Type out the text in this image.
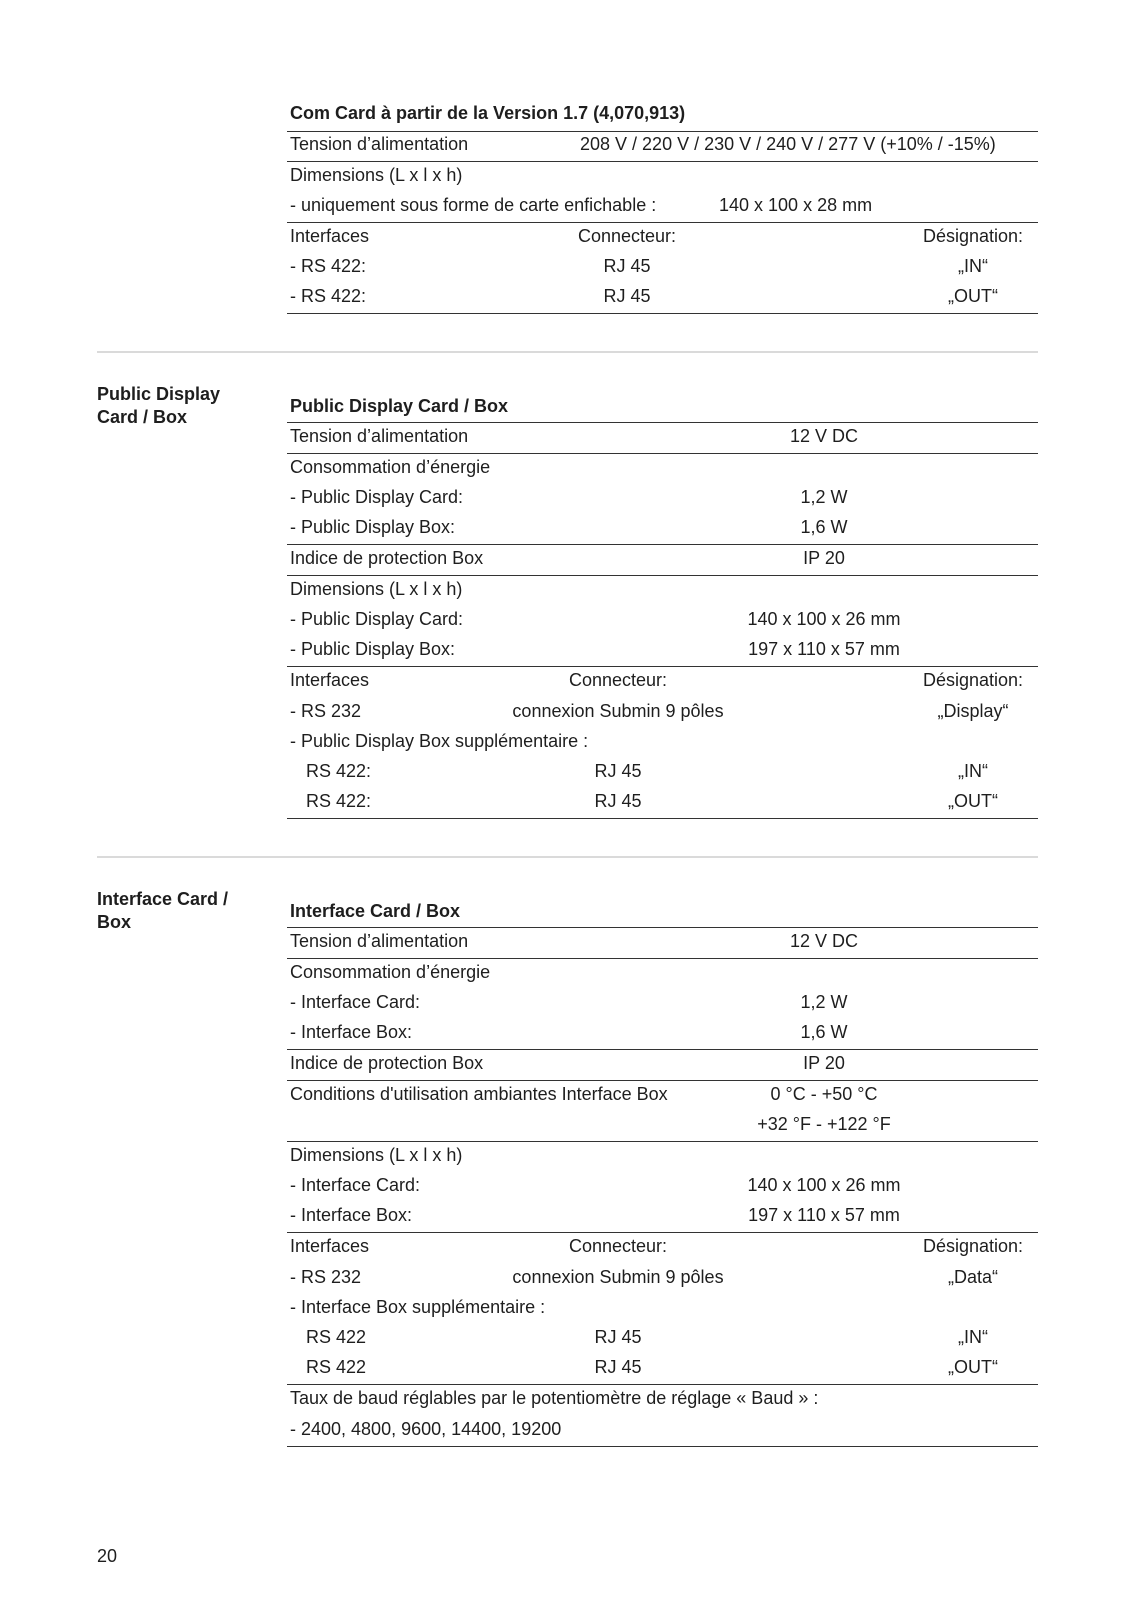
Com Card à partir de la Version 1.7 (4,070,913)
Tension d’alimentation	208 V / 220 V / 230 V / 240 V / 277 V (+10% / -15%)
Dimensions (L x l x h)
- uniquement sous forme de carte enfichable :	140 x 100 x 28 mm
Interfaces	Connecteur:	Désignation:
- RS 422:	RJ 45	„IN“
- RS 422:	RJ 45	„OUT“
Public Display
Card / Box
Public Display Card / Box
Tension d’alimentation	12 V DC
Consommation d’énergie
- Public Display Card:	1,2 W
- Public Display Box:	1,6 W
Indice de protection Box	IP 20
Dimensions (L x l x h)
- Public Display Card:	140 x 100 x 26 mm
- Public Display Box:	197 x 110 x 57 mm
Interfaces	Connecteur:	Désignation:
- RS 232	connexion Submin 9 pôles	„Display“
- Public Display Box supplémentaire :
RS 422:	RJ 45	„IN“
RS 422:	RJ 45	„OUT“
Interface Card /
Box
Interface Card / Box
Tension d’alimentation	12 V DC
Consommation d’énergie
- Interface Card:	1,2 W
- Interface Box:	1,6 W
Indice de protection Box	IP 20
Conditions d'utilisation ambiantes Interface Box	0 °C - +50 °C
+32 °F - +122 °F
Dimensions (L x l x h)
- Interface Card:	140 x 100 x 26 mm
- Interface Box:	197 x 110 x 57 mm
Interfaces	Connecteur:	Désignation:
- RS 232	connexion Submin 9 pôles	„Data“
- Interface Box supplémentaire :
RS 422	RJ 45	„IN“
RS 422	RJ 45	„OUT“
Taux de baud réglables par le potentiomètre de réglage « Baud » :
- 2400, 4800, 9600, 14400, 19200
20
